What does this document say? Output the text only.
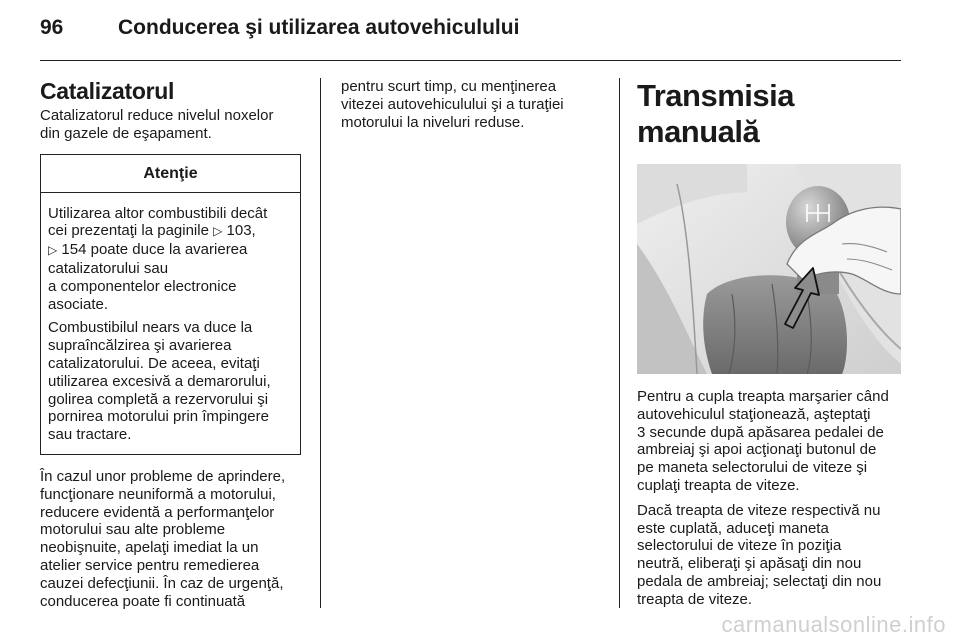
96	Conducerea şi utilizarea autovehiculului
Catalizatorul

Catalizatorul reduce nivelul noxelor
din gazele de eşapament.

Atenţie

Utilizarea altor combustibili decât
cei prezentaţi la paginile ▷ 103,
▷ 154 poate duce la avarierea
catalizatorului sau
a componentelor electronice
asociate.

Combustibilul nears va duce la
supraîncălzirea şi avarierea
catalizatorului. De aceea, evitaţi
utilizarea excesivă a demarorului,
golirea completă a rezervorului şi
pornirea motorului prin împingere
sau tractare.

În cazul unor probleme de aprindere,
funcţionare neuniformă a motorului,
reducere evidentă a performanţelor
motorului sau alte probleme
neobişnuite, apelaţi imediat la un
atelier service pentru remedierea
cauzei defecţiunii. În caz de urgenţă,
conducerea poate fi continuată

pentru scurt timp, cu menţinerea
vitezei autovehiculului şi a turaţiei
motorului la niveluri reduse.

Transmisia manuală

Pentru a cupla treapta marşarier când
autovehiculul staţionează, aşteptaţi
3 secunde după apăsarea pedalei de
ambreiaj şi apoi acţionaţi butonul de
pe maneta selectorului de viteze şi
cuplaţi treapta de viteze.

Dacă treapta de viteze respectivă nu
este cuplată, aduceţi maneta
selectorului de viteze în poziţia
neutră, eliberaţi şi apăsaţi din nou
pedala de ambreiaj; selectaţi din nou
treapta de viteze.

carmanualsonline.info
